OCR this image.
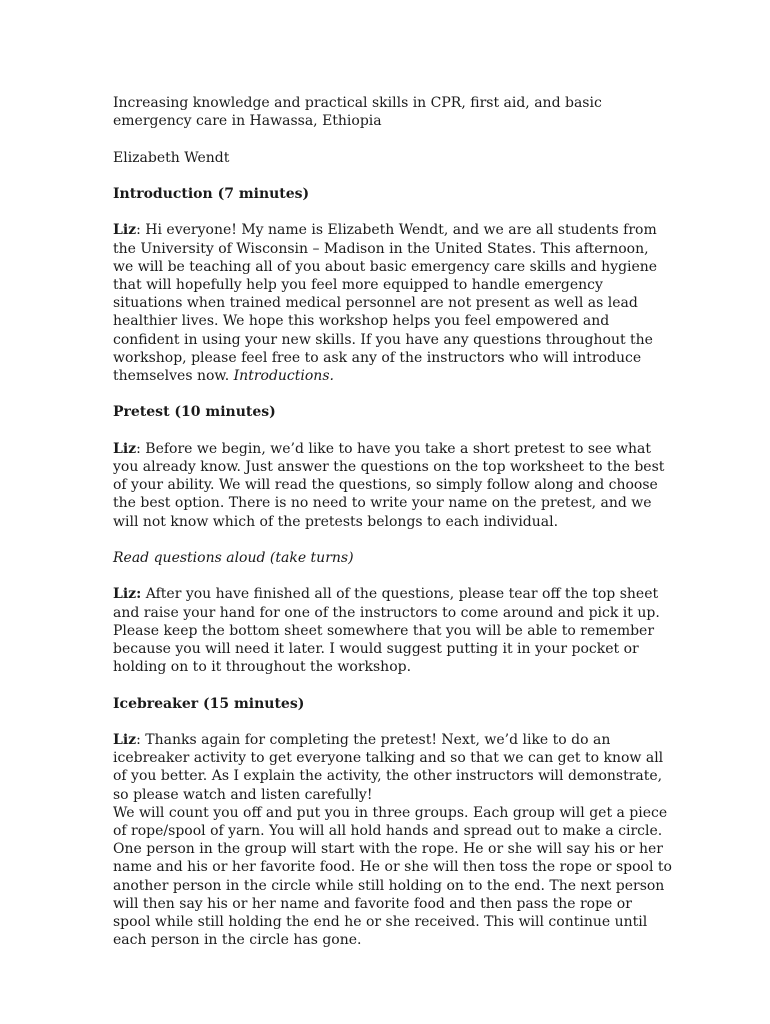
Increasing knowledge and practical skills in CPR, first aid, and basic emergency care in Hawassa, Ethiopia

Elizabeth Wendt

Introduction (7 minutes)

Liz: Hi everyone! My name is Elizabeth Wendt, and we are all students from the University of Wisconsin – Madison in the United States. This afternoon, we will be teaching all of you about basic emergency care skills and hygiene that will hopefully help you feel more equipped to handle emergency situations when trained medical personnel are not present as well as lead healthier lives. We hope this workshop helps you feel empowered and confident in using your new skills. If you have any questions throughout the workshop, please feel free to ask any of the instructors who will introduce themselves now. Introductions.

Pretest (10 minutes)

Liz: Before we begin, we’d like to have you take a short pretest to see what you already know. Just answer the questions on the top worksheet to the best of your ability. We will read the questions, so simply follow along and choose the best option. There is no need to write your name on the pretest, and we will not know which of the pretests belongs to each individual.

Read questions aloud (take turns)

Liz: After you have finished all of the questions, please tear off the top sheet and raise your hand for one of the instructors to come around and pick it up. Please keep the bottom sheet somewhere that you will be able to remember because you will need it later. I would suggest putting it in your pocket or holding on to it throughout the workshop.

Icebreaker (15 minutes)

Liz: Thanks again for completing the pretest! Next, we’d like to do an icebreaker activity to get everyone talking and so that we can get to know all of you better. As I explain the activity, the other instructors will demonstrate, so please watch and listen carefully!

We will count you off and put you in three groups. Each group will get a piece of rope/spool of yarn. You will all hold hands and spread out to make a circle. One person in the group will start with the rope. He or she will say his or her name and his or her favorite food. He or she will then toss the rope or spool to another person in the circle while still holding on to the end. The next person will then say his or her name and favorite food and then pass the rope or spool while still holding the end he or she received. This will continue until each person in the circle has gone.
